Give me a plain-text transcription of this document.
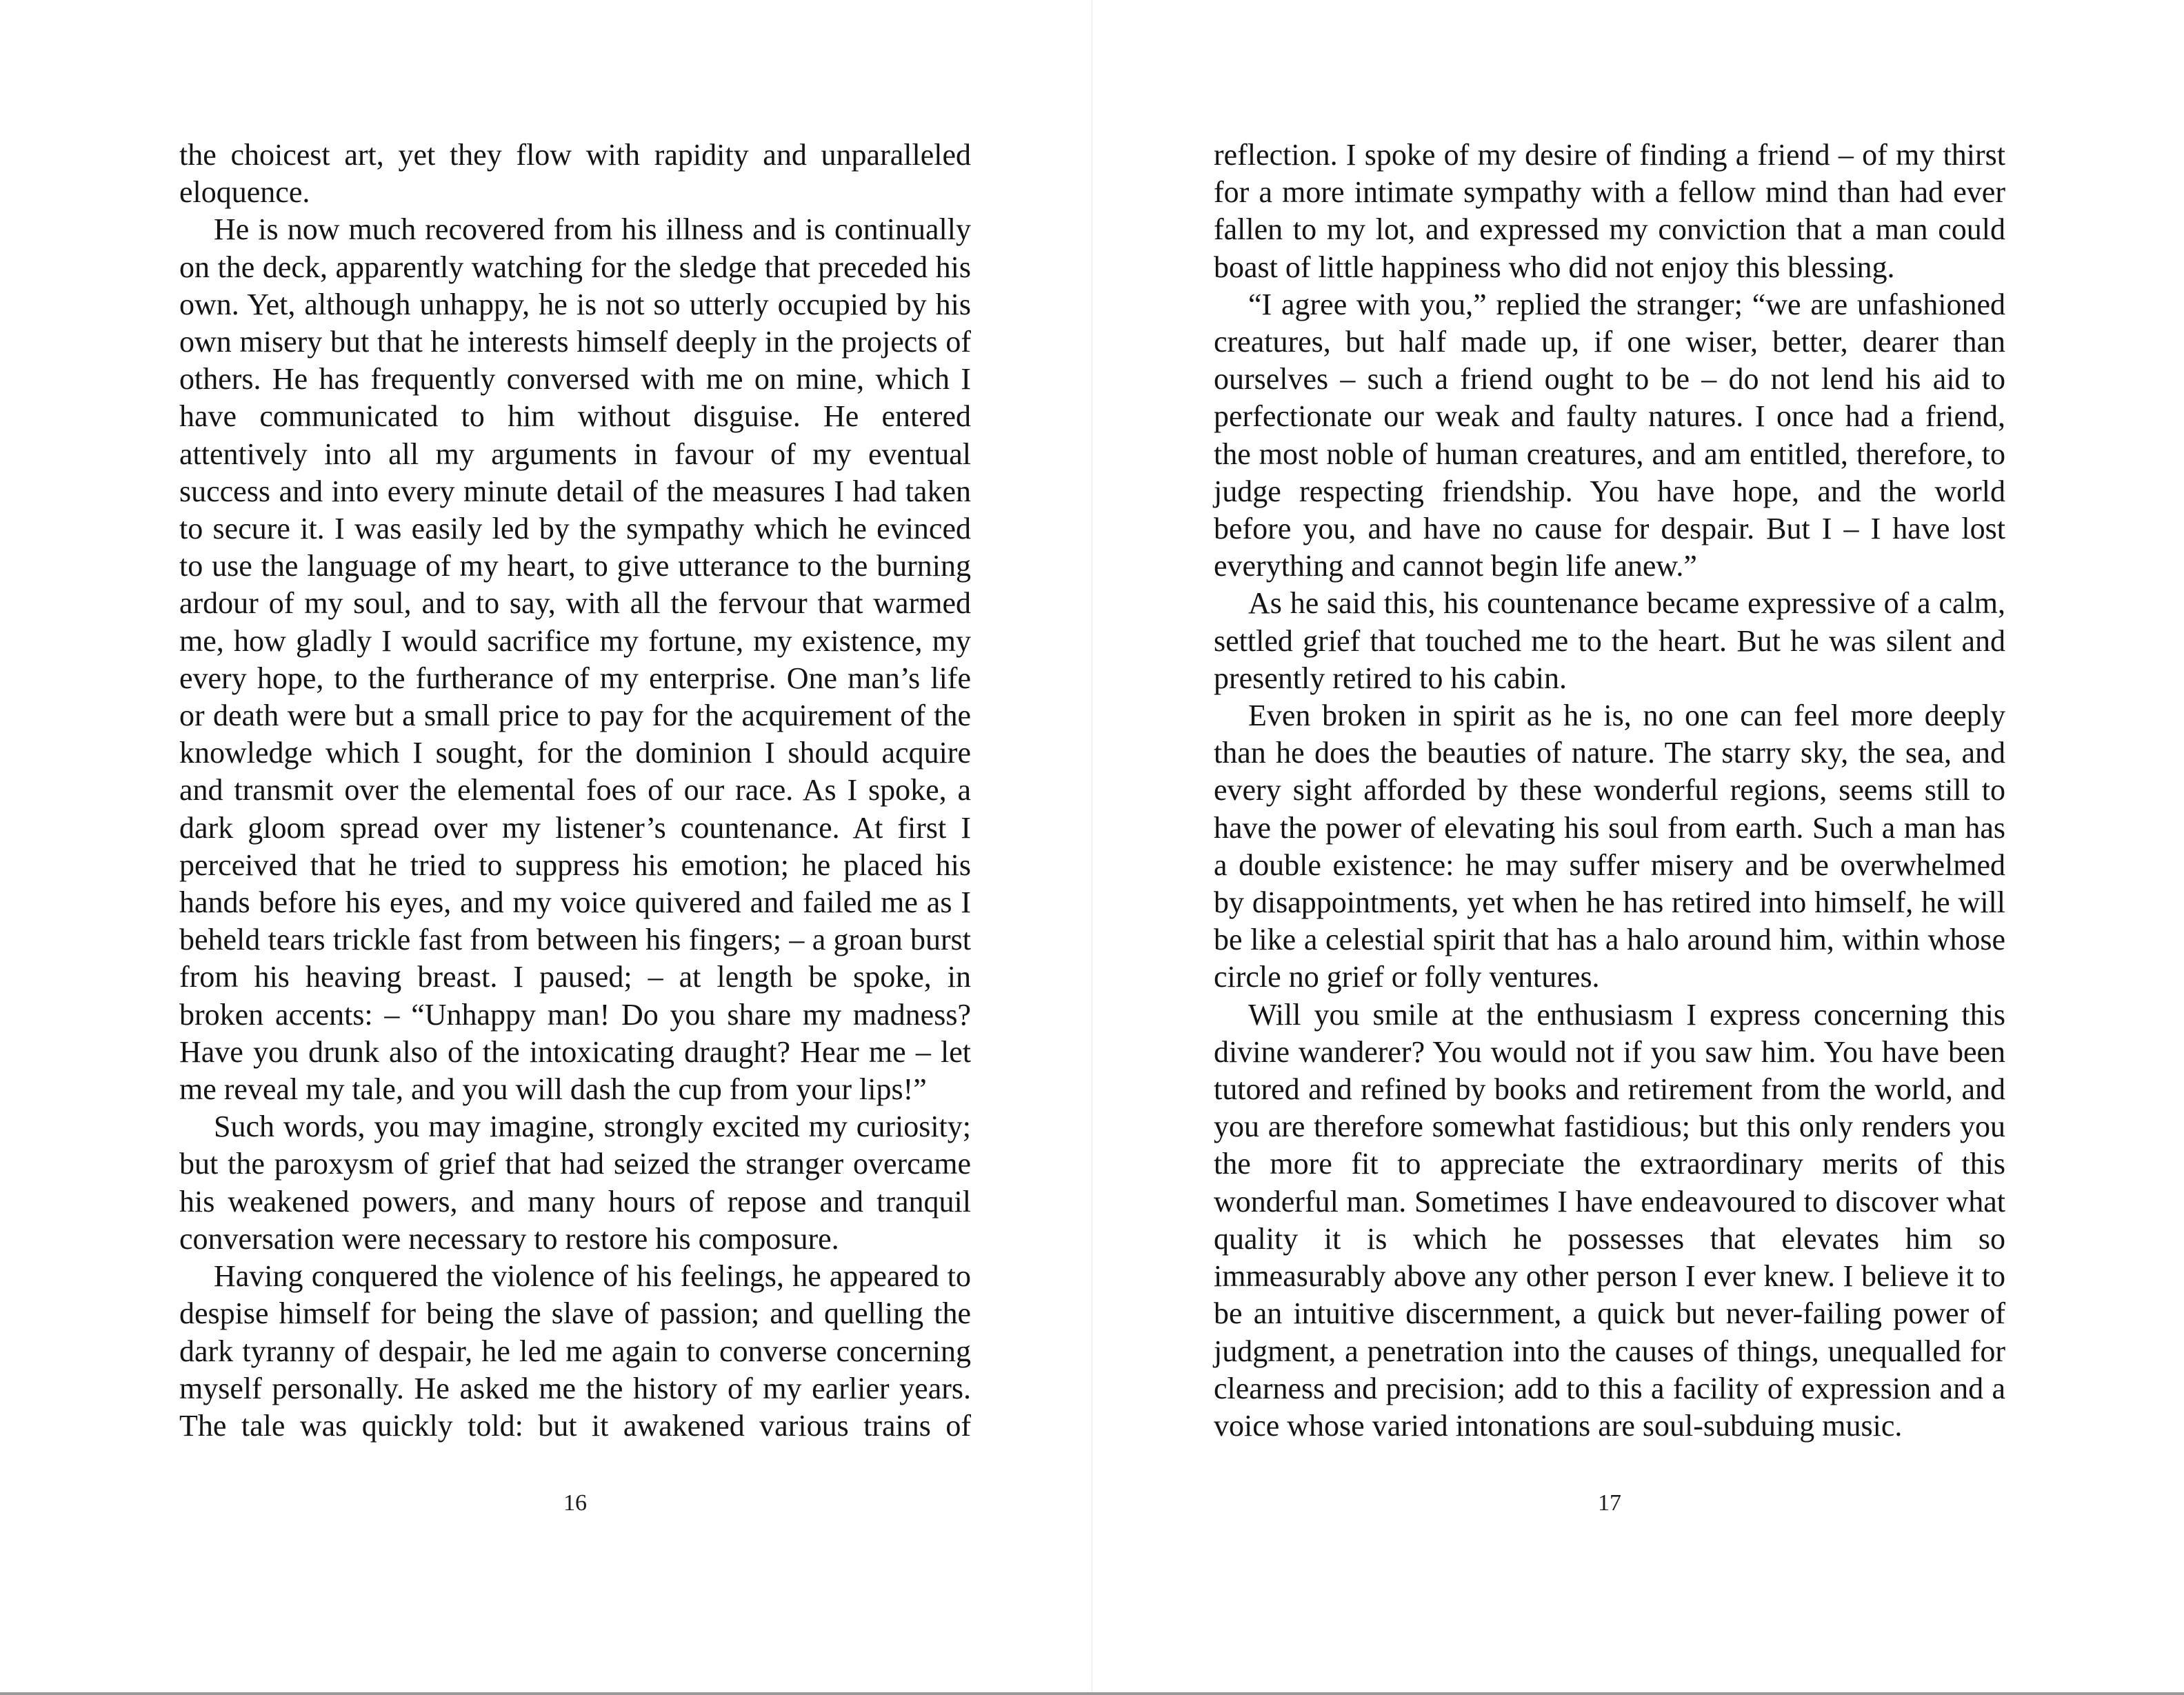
the choicest art, yet they flow with rapidity and unparalleled eloquence.

He is now much recovered from his illness and is continually on the deck, apparently watching for the sledge that preceded his own. Yet, although unhappy, he is not so utterly occupied by his own misery but that he interests himself deeply in the projects of others. He has frequently conversed with me on mine, which I have communicated to him without disguise. He entered attentively into all my arguments in favour of my eventual success and into every minute detail of the measures I had taken to secure it. I was easily led by the sympathy which he evinced to use the language of my heart, to give utterance to the burning ardour of my soul, and to say, with all the fervour that warmed me, how gladly I would sacrifice my fortune, my existence, my every hope, to the furtherance of my enterprise. One man’s life or death were but a small price to pay for the acquirement of the knowledge which I sought, for the dominion I should acquire and transmit over the elemental foes of our race. As I spoke, a dark gloom spread over my listener’s countenance. At first I perceived that he tried to suppress his emotion; he placed his hands before his eyes, and my voice quivered and failed me as I beheld tears trickle fast from between his fingers; – a groan burst from his heaving breast. I paused; – at length be spoke, in broken accents: – “Unhappy man! Do you share my madness? Have you drunk also of the intoxicating draught? Hear me – let me reveal my tale, and you will dash the cup from your lips!”

Such words, you may imagine, strongly excited my curiosity; but the paroxysm of grief that had seized the stranger overcame his weakened powers, and many hours of repose and tranquil conversation were necessary to restore his composure.

Having conquered the violence of his feelings, he appeared to despise himself for being the slave of passion; and quelling the dark tyranny of despair, he led me again to converse concerning myself personally. He asked me the history of my earlier years. The tale was quickly told: but it awakened various trains of

16

reflection. I spoke of my desire of finding a friend – of my thirst for a more intimate sympathy with a fellow mind than had ever fallen to my lot, and expressed my conviction that a man could boast of little happiness who did not enjoy this blessing.

“I agree with you,” replied the stranger; “we are unfashioned creatures, but half made up, if one wiser, better, dearer than ourselves – such a friend ought to be – do not lend his aid to perfectionate our weak and faulty natures. I once had a friend, the most noble of human creatures, and am entitled, therefore, to judge respecting friendship. You have hope, and the world before you, and have no cause for despair. But I – I have lost everything and cannot begin life anew.”

As he said this, his countenance became expressive of a calm, settled grief that touched me to the heart. But he was silent and presently retired to his cabin.

Even broken in spirit as he is, no one can feel more deeply than he does the beauties of nature. The starry sky, the sea, and every sight afforded by these wonderful regions, seems still to have the power of elevating his soul from earth. Such a man has a double existence: he may suffer misery and be overwhelmed by disappointments, yet when he has retired into himself, he will be like a celestial spirit that has a halo around him, within whose circle no grief or folly ventures.

Will you smile at the enthusiasm I express concerning this divine wanderer? You would not if you saw him. You have been tutored and refined by books and retirement from the world, and you are therefore somewhat fastidious; but this only renders you the more fit to appreciate the extraordinary merits of this wonderful man. Sometimes I have endeavoured to discover what quality it is which he possesses that elevates him so immeasurably above any other person I ever knew. I believe it to be an intuitive discernment, a quick but never-failing power of judgment, a penetration into the causes of things, unequalled for clearness and precision; add to this a facility of expression and a voice whose varied intonations are soul-subduing music.

17
